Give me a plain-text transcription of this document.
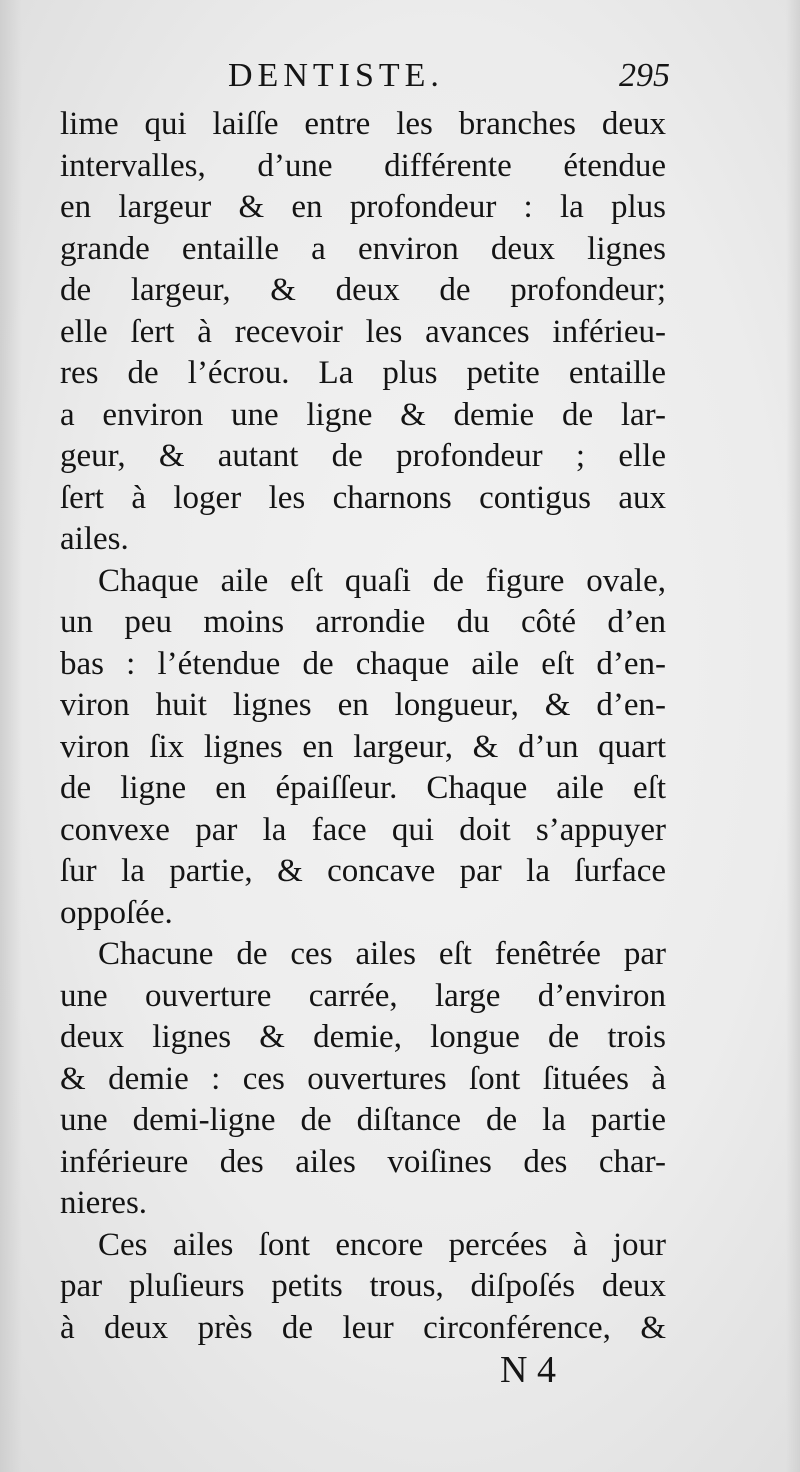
DENTISTE.	295
lime qui laiſſe entre les branches deux
intervalles, d’une différente étendue
en largeur & en profondeur : la plus
grande entaille a environ deux lignes
de largeur, & deux de profondeur;
elle ſert à recevoir les avances inférieu-
res de l’écrou. La plus petite entaille
a environ une ligne & demie de lar-
geur, & autant de profondeur ; elle
ſert à loger les charnons contigus aux
ailes.
Chaque aile eſt quaſi de figure ovale,
un peu moins arrondie du côté d’en
bas : l’étendue de chaque aile eſt d’en-
viron huit lignes en longueur, & d’en-
viron ſix lignes en largeur, & d’un quart
de ligne en épaiſſeur. Chaque aile eſt
convexe par la face qui doit s’appuyer
ſur la partie, & concave par la ſurface
oppoſée.
Chacune de ces ailes eſt fenêtrée par
une ouverture carrée, large d’environ
deux lignes & demie, longue de trois
& demie : ces ouvertures ſont ſituées à
une demi-ligne de diſtance de la partie
inférieure des ailes voiſines des char-
nieres.
Ces ailes ſont encore percées à jour
par pluſieurs petits trous, diſpoſés deux
à deux près de leur circonférence, &
N 4
